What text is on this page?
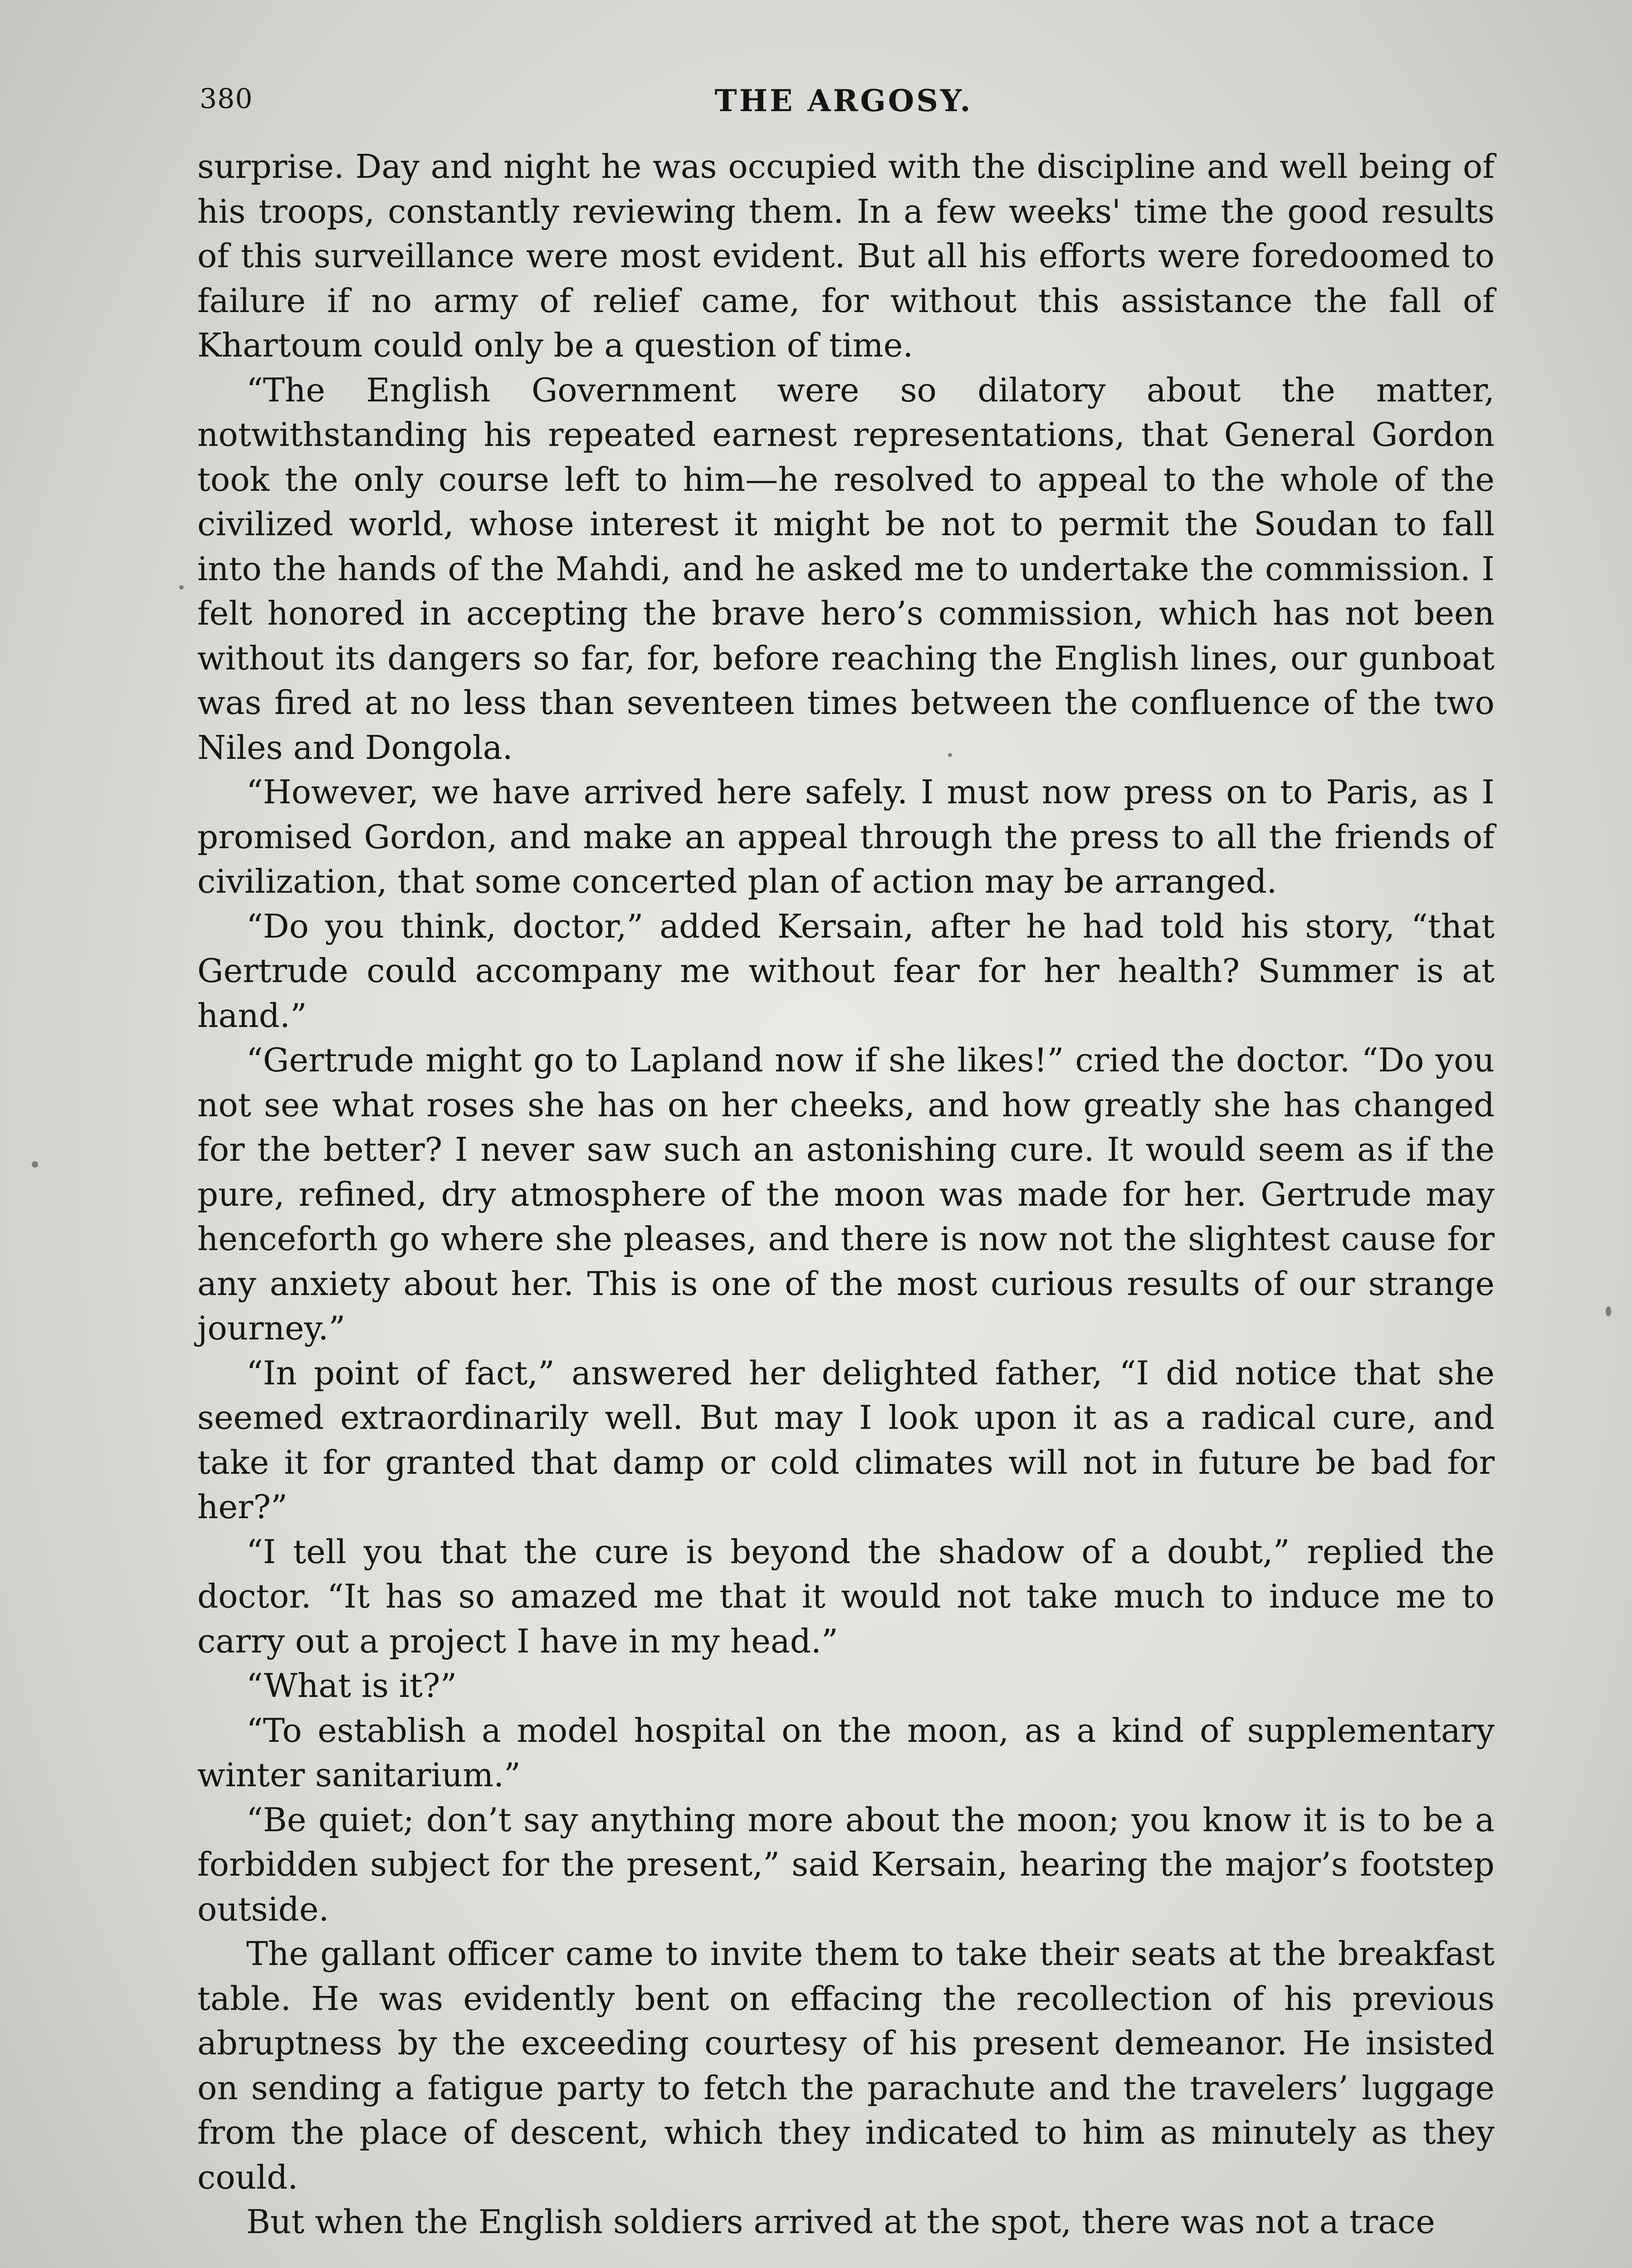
380	THE ARGOSY.

surprise. Day and night he was occupied with the discipline and well being of his troops, constantly reviewing them. In a few weeks' time the good results of this surveillance were most evident. But all his efforts were foredoomed to failure if no army of relief came, for without this assistance the fall of Khartoum could only be a question of time.

“The English Government were so dilatory about the matter, notwithstanding his repeated earnest representations, that General Gordon took the only course left to him—he resolved to appeal to the whole of the civilized world, whose interest it might be not to permit the Soudan to fall into the hands of the Mahdi, and he asked me to undertake the commission. I felt honored in accepting the brave hero’s commission, which has not been without its dangers so far, for, before reaching the English lines, our gunboat was fired at no less than seventeen times between the confluence of the two Niles and Dongola.

“However, we have arrived here safely. I must now press on to Paris, as I promised Gordon, and make an appeal through the press to all the friends of civilization, that some concerted plan of action may be arranged.

“Do you think, doctor,” added Kersain, after he had told his story, “that Gertrude could accompany me without fear for her health? Summer is at hand.”

“Gertrude might go to Lapland now if she likes!” cried the doctor. “Do you not see what roses she has on her cheeks, and how greatly she has changed for the better? I never saw such an astonishing cure. It would seem as if the pure, refined, dry atmosphere of the moon was made for her. Gertrude may henceforth go where she pleases, and there is now not the slightest cause for any anxiety about her. This is one of the most curious results of our strange journey.”

“In point of fact,” answered her delighted father, “I did notice that she seemed extraordinarily well. But may I look upon it as a radical cure, and take it for granted that damp or cold climates will not in future be bad for her?”

“I tell you that the cure is beyond the shadow of a doubt,” replied the doctor. “It has so amazed me that it would not take much to induce me to carry out a project I have in my head.”

“What is it?”

“To establish a model hospital on the moon, as a kind of supplementary winter sanitarium.”

“Be quiet; don’t say anything more about the moon; you know it is to be a forbidden subject for the present,” said Kersain, hearing the major’s footstep outside.

The gallant officer came to invite them to take their seats at the breakfast table. He was evidently bent on effacing the recollection of his previous abruptness by the exceeding courtesy of his present demeanor. He insisted on sending a fatigue party to fetch the parachute and the travelers’ luggage from the place of descent, which they indicated to him as minutely as they could.

But when the English soldiers arrived at the spot, there was not a trace
